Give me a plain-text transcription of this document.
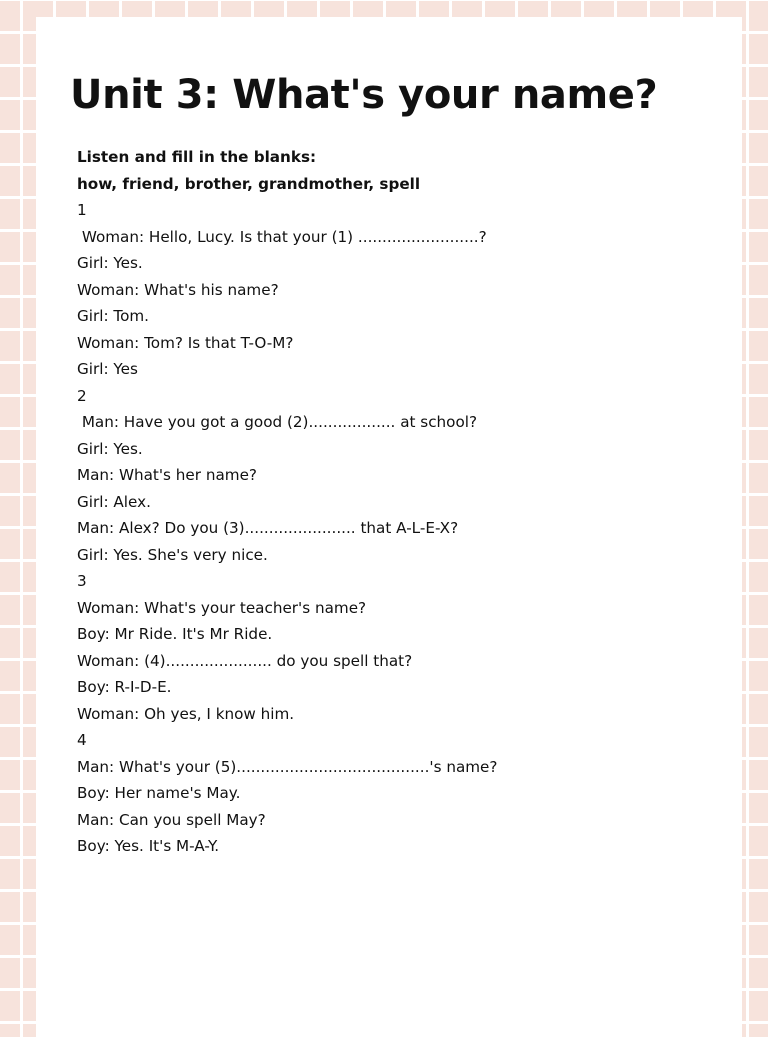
Unit 3: What's your name?
Listen and fill in the blanks:
how, friend, brother, grandmother, spell
1
Woman: Hello, Lucy. Is that your (1) .........................?
Girl: Yes.
Woman: What's his name?
Girl: Tom.
Woman: Tom? Is that T-O-M?
Girl: Yes
2
Man: Have you got a good (2).................. at school?
Girl: Yes.
Man: What's her name?
Girl: Alex.
Man: Alex? Do you (3)....................... that A-L-E-X?
Girl: Yes. She's very nice.
3
Woman: What's your teacher's name?
Boy: Mr Ride. It's Mr Ride.
Woman: (4)...................... do you spell that?
Boy: R-I-D-E.
Woman: Oh yes, I know him.
4
Man: What's your (5)........................................'s name?
Boy: Her name's May.
Man: Can you spell May?
Boy: Yes. It's M-A-Y.
